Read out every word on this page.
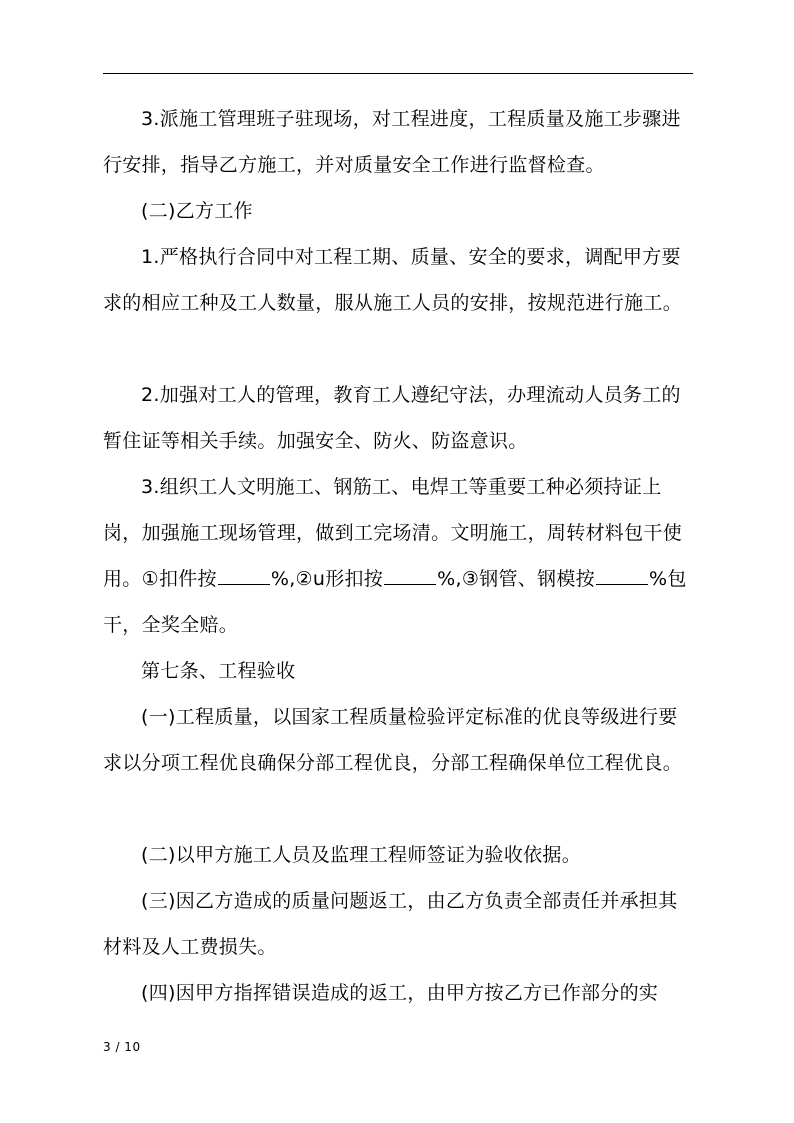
3.派施工管理班子驻现场，对工程进度，工程质量及施工步骤进行安排，指导乙方施工，并对质量安全工作进行监督检查。

(二)乙方工作

1.严格执行合同中对工程工期、质量、安全的要求，调配甲方要求的相应工种及工人数量，服从施工人员的安排，按规范进行施工。

2.加强对工人的管理，教育工人遵纪守法，办理流动人员务工的暂住证等相关手续。加强安全、防火、防盗意识。

3.组织工人文明施工、钢筋工、电焊工等重要工种必须持证上岗，加强施工现场管理，做到工完场清。文明施工，周转材料包干使用。①扣件按	%,②u形扣按	%,③钢管、钢模按	%包干，全奖全赔。

第七条、工程验收

(一)工程质量，以国家工程质量检验评定标准的优良等级进行要求以分项工程优良确保分部工程优良，分部工程确保单位工程优良。

(二)以甲方施工人员及监理工程师签证为验收依据。

(三)因乙方造成的质量问题返工，由乙方负责全部责任并承担其材料及人工费损失。

(四)因甲方指挥错误造成的返工，由甲方按乙方已作部分的实

3 / 10
